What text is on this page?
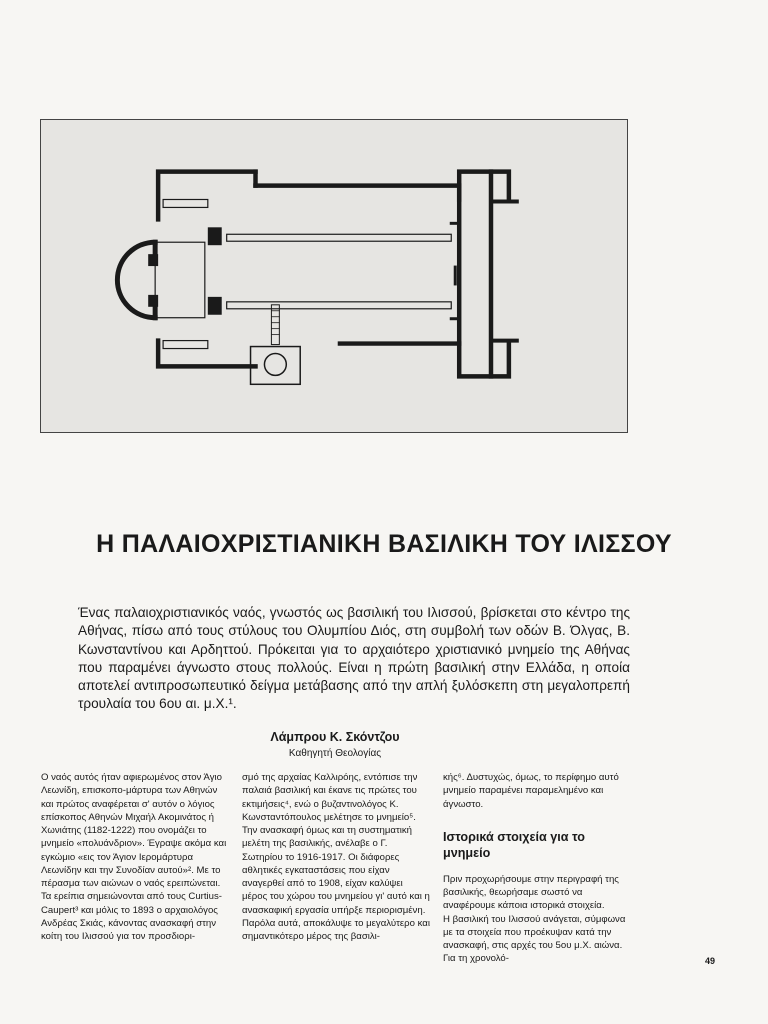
Η ΠΑΛΑΙΟΧΡΙΣΤΙΑΝΙΚΗ ΒΑΣΙΛΙΚΗ ΤΟΥ ΙΛΙΣΣΟΥ

Ένας παλαιοχριστιανικός ναός, γνωστός ως βασιλική του Ιλισσού, βρίσκεται στο κέντρο της Αθήνας, πίσω από τους στύλους του Ολυμπίου Διός, στη συμβολή των οδών Β. Όλγας, Β. Κωνσταντίνου και Αρδηττού. Πρόκειται για το αρχαιότερο χριστιανικό μνημείο της Αθήνας που παραμένει άγνωστο στους πολλούς. Είναι η πρώτη βασιλική στην Ελλάδα, η οποία αποτελεί αντιπροσωπευτικό δείγμα μετάβασης από την απλή ξυλόσκεπη στη μεγαλοπρεπή τρουλαία του 6ου αι. μ.Χ.¹.

Λάμπρου Κ. Σκόντζου
Καθηγητή Θεολογίας

Ο ναός αυτός ήταν αφιερωμένος στον Άγιο Λεωνίδη, επισκοπο-μάρτυρα των Αθηνών και πρώτος αναφέρεται σ' αυτόν ο λόγιος επίσκοπος Αθηνών Μιχαήλ Ακομινάτος ή Χωνιάτης (1182-1222) που ονομάζει το μνημείο «πολυάνδριον». Έγραψε ακόμα και εγκώμιο «εις τον Άγιον Ιερομάρτυρα Λεωνίδην και την Συνοδίαν αυτού»². Με το πέρασμα των αιώνων ο ναός ερειπώνεται. Τα ερείπια σημειώνονται από τους Curtius-Caupert³ και μόλις το 1893 ο αρχαιολόγος Ανδρέας Σκιάς, κάνοντας ανασκαφή στην κοίτη του Ιλισσού για τον προσδιορι-

σμό της αρχαίας Καλλιρόης, εντόπισε την παλαιά βασιλική και έκανε τις πρώτες του εκτιμήσεις⁴, ενώ ο βυζαντινολόγος Κ. Κωνσταντόπουλος μελέτησε το μνημείο⁵.

Την ανασκαφή όμως και τη συστηματική μελέτη της βασιλικής, ανέλαβε ο Γ. Σωτηρίου το 1916-1917. Οι διάφορες αθλητικές εγκαταστάσεις που είχαν αναγερθεί από το 1908, είχαν καλύψει μέρος του χώρου του μνημείου γι' αυτό και η ανασκαφική εργασία υπήρξε περιορισμένη. Παρόλα αυτά, αποκάλυψε το μεγαλύτερο και σημαντικότερο μέρος της βασιλι-

κής⁶. Δυστυχώς, όμως, το περίφημο αυτό μνημείο παραμένει παραμελημένο και άγνωστο.

Ιστορικά στοιχεία για το μνημείο

Πριν προχωρήσουμε στην περιγραφή της βασιλικής, θεωρήσαμε σωστό να αναφέρουμε κάποια ιστορικά στοιχεία.

Η βασιλική του Ιλισσού ανάγεται, σύμφωνα με τα στοιχεία που προέκυψαν κατά την ανασκαφή, στις αρχές του 5ου μ.Χ. αιώνα. Για τη χρονολό-	49
